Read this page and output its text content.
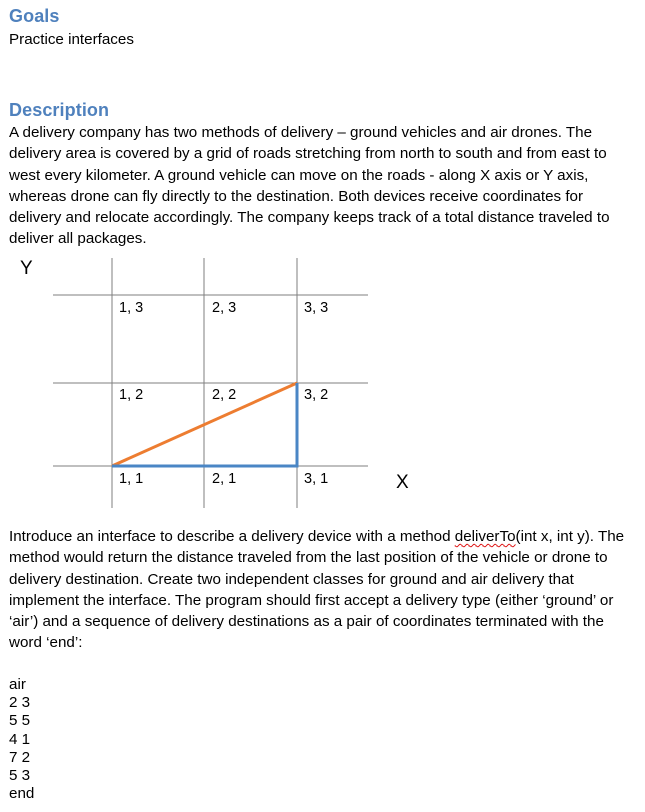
Goals

Practice interfaces

Description

A delivery company has two methods of delivery – ground vehicles and air drones. The delivery area is covered by a grid of roads stretching from north to south and from east to west every kilometer. A ground vehicle can move on the roads - along X axis or Y axis, whereas drone can fly directly to the destination. Both devices receive coordinates for delivery and relocate accordingly. The company keeps track of a total distance traveled to deliver all packages.

Y
X
1, 3	2, 3	3, 3
1, 2	2, 2	3, 2
1, 1	2, 1	3, 1

Introduce an interface to describe a delivery device with a method deliverTo(int x, int y). The method would return the distance traveled from the last position of the vehicle or drone to delivery destination. Create two independent classes for ground and air delivery that implement the interface. The program should first accept a delivery type (either ‘ground’ or ‘air’) and a sequence of delivery destinations as a pair of coordinates terminated with the word ‘end’:

air
2 3
5 5
4 1
7 2
5 3
end
